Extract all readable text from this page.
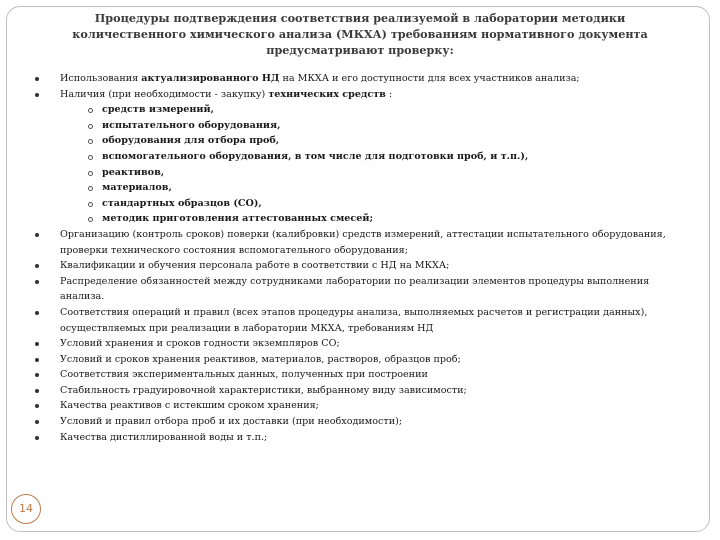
Процедуры подтверждения соответствия реализуемой в лаборатории методики
количественного химического анализа (МКХА) требованиям нормативного документа
предусматривают проверку:
Использования актуализированного НД на МКХА и его доступности для всех участников анализа;
Наличия (при необходимости - закупку) технических средств :
средств измерений,
испытательного оборудования,
оборудования для отбора проб,
вспомогательного оборудования, в том числе для подготовки проб, и т.п.),
реактивов,
материалов,
стандартных образцов (СО),
методик приготовления аттестованных смесей;
Организацию (контроль сроков) поверки (калибровки) средств измерений, аттестации испытательного оборудования, проверки технического состояния вспомогательного оборудования;
Квалификации и обучения персонала работе в соответствии с НД на МКХА;
Распределение обязанностей между сотрудниками лаборатории по реализации элементов процедуры выполнения анализа.
Соответствия операций и правил (всех этапов процедуры анализа, выполняемых расчетов и регистрации данных), осуществляемых при реализации в лаборатории МКХА, требованиям НД
Условий хранения и сроков годности экземпляров СО;
Условий и сроков хранения реактивов, материалов, растворов, образцов проб;
Соответствия экспериментальных данных, полученных при построении
Стабильность градуировочной характеристики, выбранному виду зависимости;
Качества реактивов с истекшим сроком хранения;
Условий и правил отбора проб и их доставки (при необходимости);
Качества дистиллированной воды и т.п.;
14
